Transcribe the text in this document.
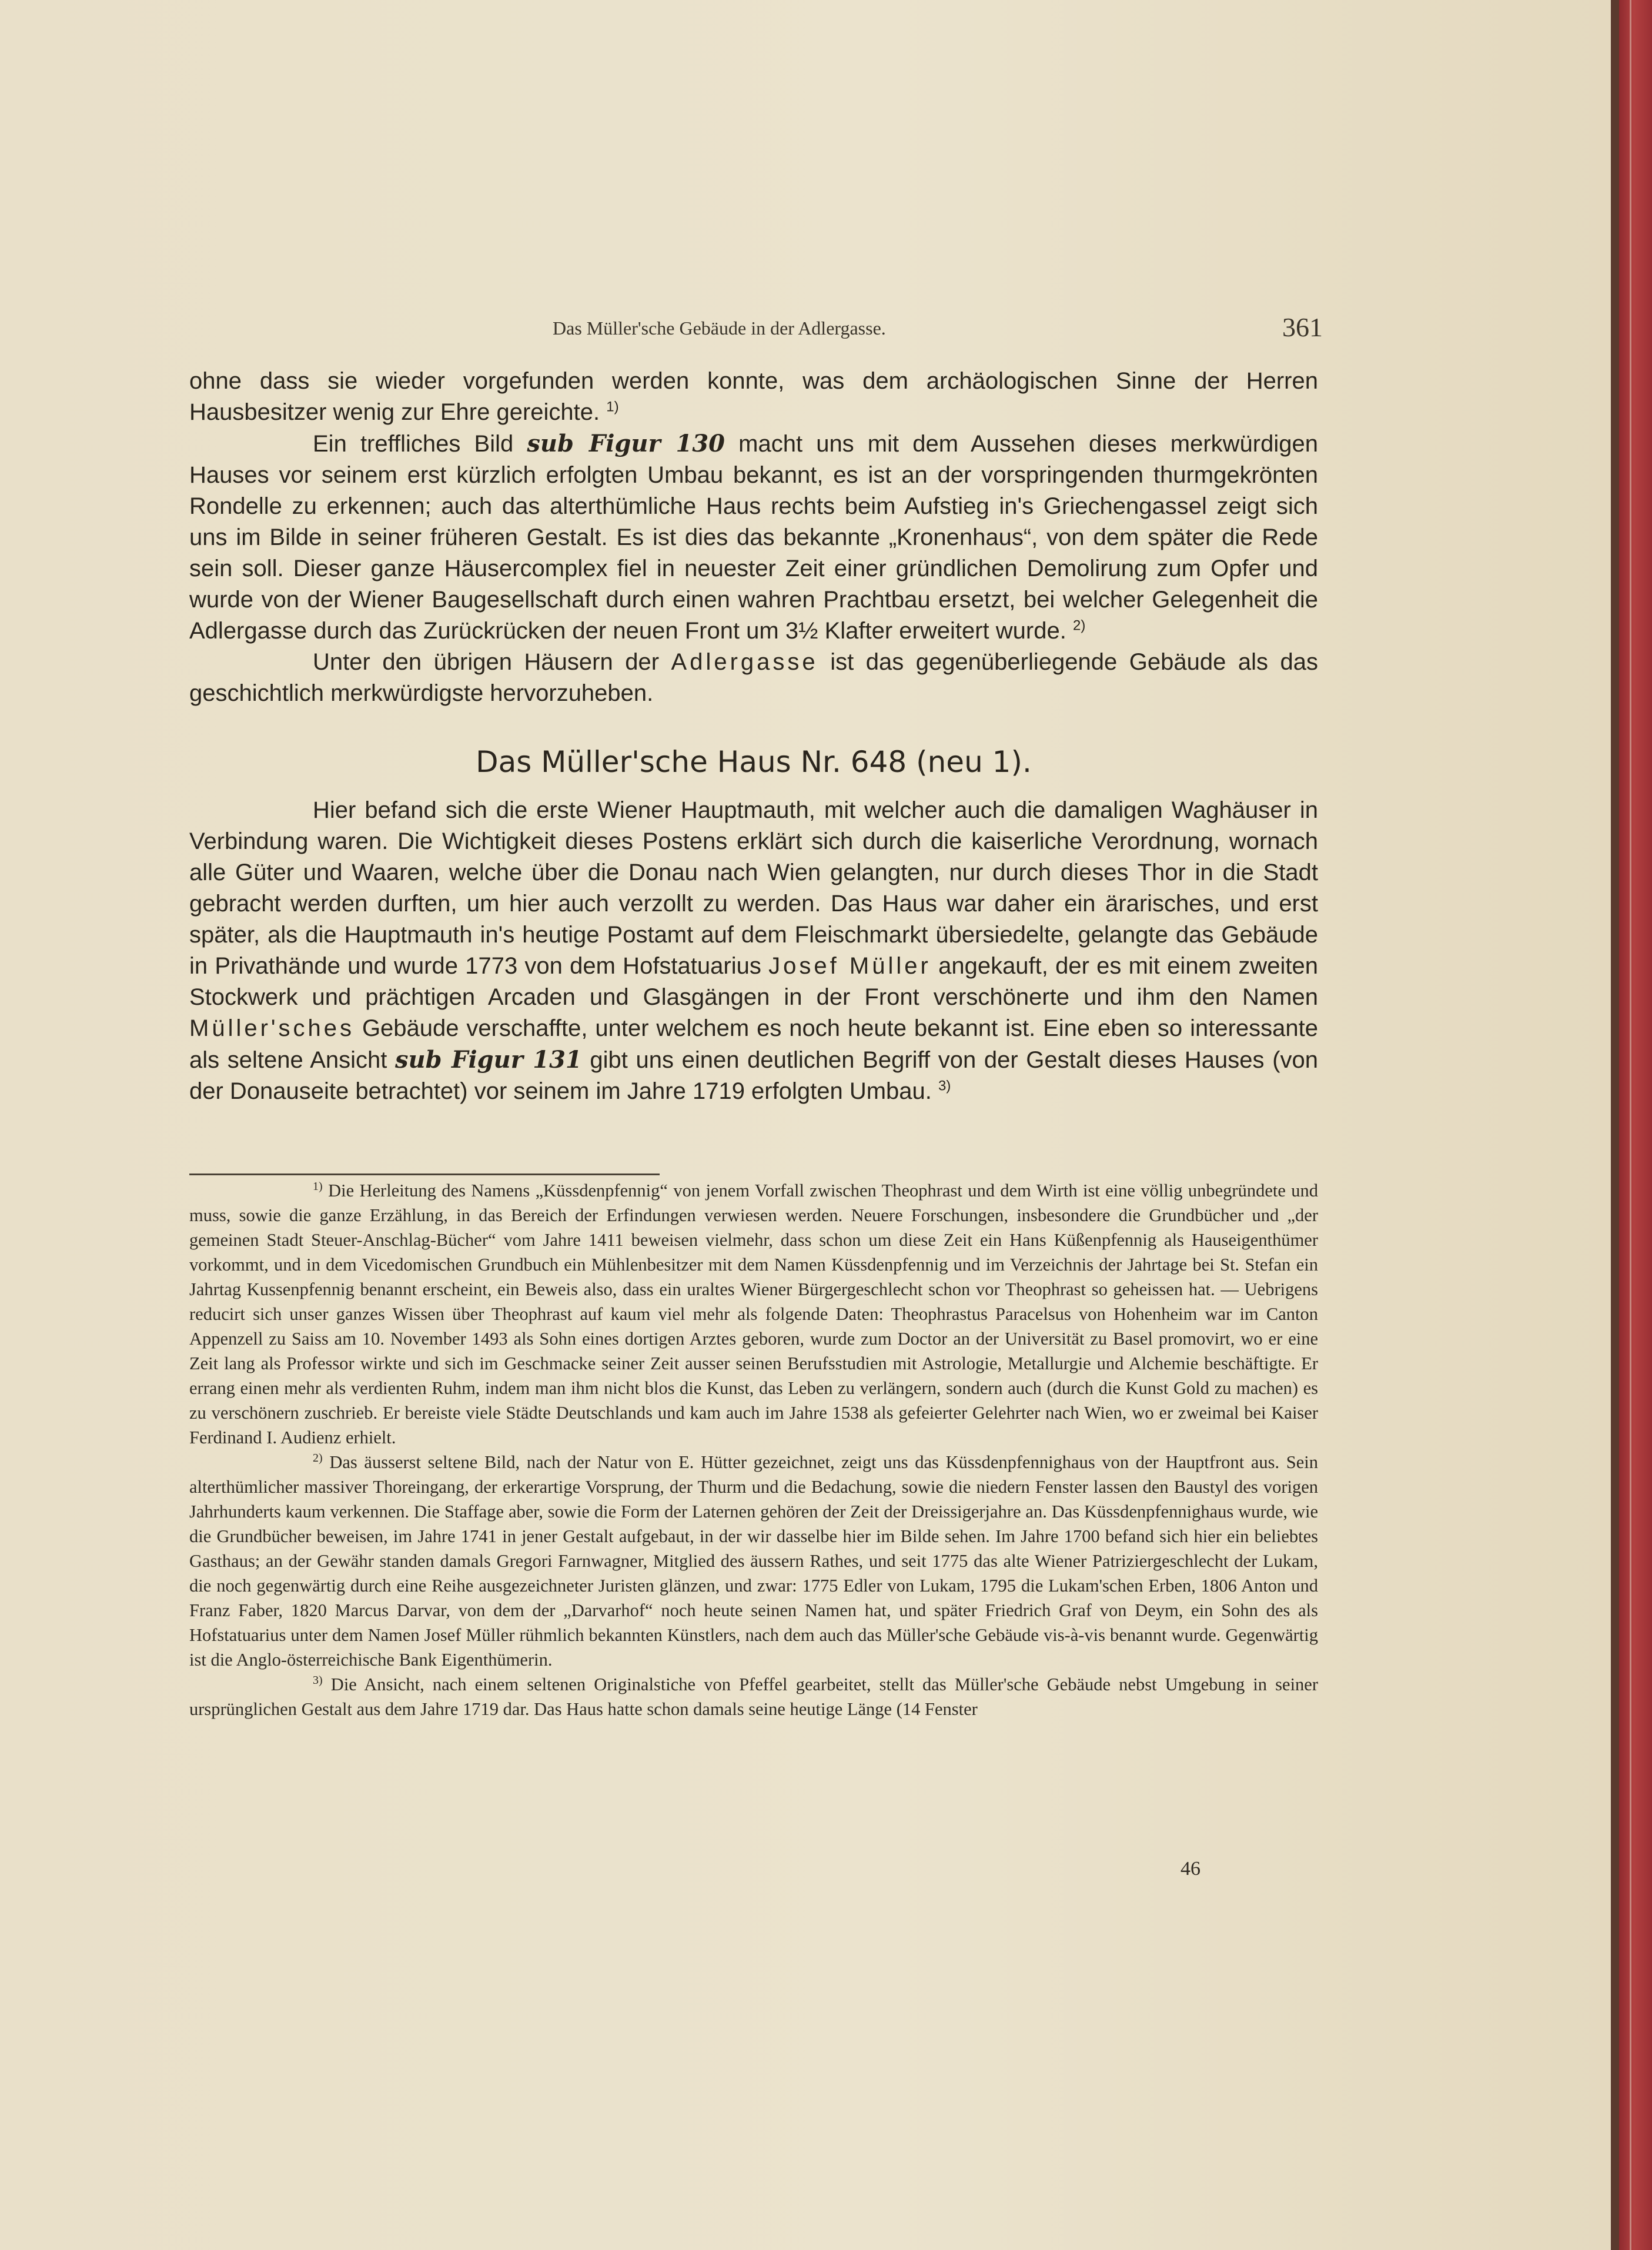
Das Müller'sche Gebäude in der Adlergasse.	361

ohne dass sie wieder vorgefunden werden konnte, was dem archäologischen Sinne der Herren Hausbesitzer wenig zur Ehre gereichte. $^{1)}$

Ein treffliches Bild sub Figur 130 macht uns mit dem Aussehen dieses merkwürdigen Hauses vor seinem erst kürzlich erfolgten Umbau bekannt, es ist an der vorspringenden thurmgekrönten Rondelle zu erkennen; auch das alterthümliche Haus rechts beim Aufstieg in's Griechengassel zeigt sich uns im Bilde in seiner früheren Gestalt. Es ist dies das bekannte „Kronenhaus“, von dem später die Rede sein soll. Dieser ganze Häusercomplex fiel in neuester Zeit einer gründlichen Demolirung zum Opfer und wurde von der Wiener Baugesellschaft durch einen wahren Prachtbau ersetzt, bei welcher Gelegenheit die Adlergasse durch das Zurückrücken der neuen Front um 3½ Klafter erweitert wurde. $^{2)}$

Unter den übrigen Häusern der Adlergasse ist das gegenüberliegende Gebäude als das geschichtlich merkwürdigste hervorzuheben.

Das Müller'sche Haus Nr. 648 (neu 1).

Hier befand sich die erste Wiener Hauptmauth, mit welcher auch die damaligen Waghäuser in Verbindung waren. Die Wichtigkeit dieses Postens erklärt sich durch die kaiserliche Verordnung, wornach alle Güter und Waaren, welche über die Donau nach Wien gelangten, nur durch dieses Thor in die Stadt gebracht werden durften, um hier auch verzollt zu werden. Das Haus war daher ein ärarisches, und erst später, als die Hauptmauth in's heutige Postamt auf dem Fleischmarkt übersiedelte, gelangte das Gebäude in Privathände und wurde 1773 von dem Hofstatuarius Josef Müller angekauft, der es mit einem zweiten Stockwerk und prächtigen Arcaden und Glasgängen in der Front verschönerte und ihm den Namen Müller'sches Gebäude verschaffte, unter welchem es noch heute bekannt ist. Eine eben so interessante als seltene Ansicht sub Figur 131 gibt uns einen deutlichen Begriff von der Gestalt dieses Hauses (von der Donauseite betrachtet) vor seinem im Jahre 1719 erfolgten Umbau. $^{3)}$

$^{1)}$ Die Herleitung des Namens „Küssdenpfennig“ von jenem Vorfall zwischen Theophrast und dem Wirth ist eine völlig unbegründete und muss, sowie die ganze Erzählung, in das Bereich der Erfindungen verwiesen werden. Neuere Forschungen, insbesondere die Grundbücher und „der gemeinen Stadt Steuer-Anschlag-Bücher“ vom Jahre 1411 beweisen vielmehr, dass schon um diese Zeit ein Hans Küßenpfennig als Hauseigenthümer vorkommt, und in dem Vicedomischen Grundbuch ein Mühlenbesitzer mit dem Namen Küssdenpfennig und im Verzeichnis der Jahrtage bei St. Stefan ein Jahrtag Kussenpfennig benannt erscheint, ein Beweis also, dass ein uraltes Wiener Bürgergeschlecht schon vor Theophrast so geheissen hat. — Uebrigens reducirt sich unser ganzes Wissen über Theophrast auf kaum viel mehr als folgende Daten: Theophrastus Paracelsus von Hohenheim war im Canton Appenzell zu Saiss am 10. November 1493 als Sohn eines dortigen Arztes geboren, wurde zum Doctor an der Universität zu Basel promovirt, wo er eine Zeit lang als Professor wirkte und sich im Geschmacke seiner Zeit ausser seinen Berufsstudien mit Astrologie, Metallurgie und Alchemie beschäftigte. Er errang einen mehr als verdienten Ruhm, indem man ihm nicht blos die Kunst, das Leben zu verlängern, sondern auch (durch die Kunst Gold zu machen) es zu verschönern zuschrieb. Er bereiste viele Städte Deutschlands und kam auch im Jahre 1538 als gefeierter Gelehrter nach Wien, wo er zweimal bei Kaiser Ferdinand I. Audienz erhielt.

$^{2)}$ Das äusserst seltene Bild, nach der Natur von E. Hütter gezeichnet, zeigt uns das Küssdenpfennighaus von der Hauptfront aus. Sein alterthümlicher massiver Thoreingang, der erkerartige Vorsprung, der Thurm und die Bedachung, sowie die niedern Fenster lassen den Baustyl des vorigen Jahrhunderts kaum verkennen. Die Staffage aber, sowie die Form der Laternen gehören der Zeit der Dreissigerjahre an. Das Küssdenpfennighaus wurde, wie die Grundbücher beweisen, im Jahre 1741 in jener Gestalt aufgebaut, in der wir dasselbe hier im Bilde sehen. Im Jahre 1700 befand sich hier ein beliebtes Gasthaus; an der Gewähr standen damals Gregori Farnwagner, Mitglied des äussern Rathes, und seit 1775 das alte Wiener Patriziergeschlecht der Lukam, die noch gegenwärtig durch eine Reihe ausgezeichneter Juristen glänzen, und zwar: 1775 Edler von Lukam, 1795 die Lukam'schen Erben, 1806 Anton und Franz Faber, 1820 Marcus Darvar, von dem der „Darvarhof“ noch heute seinen Namen hat, und später Friedrich Graf von Deym, ein Sohn des als Hofstatuarius unter dem Namen Josef Müller rühmlich bekannten Künstlers, nach dem auch das Müller'sche Gebäude vis-à-vis benannt wurde. Gegenwärtig ist die Anglo-österreichische Bank Eigenthümerin.

$^{3)}$ Die Ansicht, nach einem seltenen Originalstiche von Pfeffel gearbeitet, stellt das Müller'sche Gebäude nebst Umgebung in seiner ursprünglichen Gestalt aus dem Jahre 1719 dar. Das Haus hatte schon damals seine heutige Länge (14 Fenster

46
